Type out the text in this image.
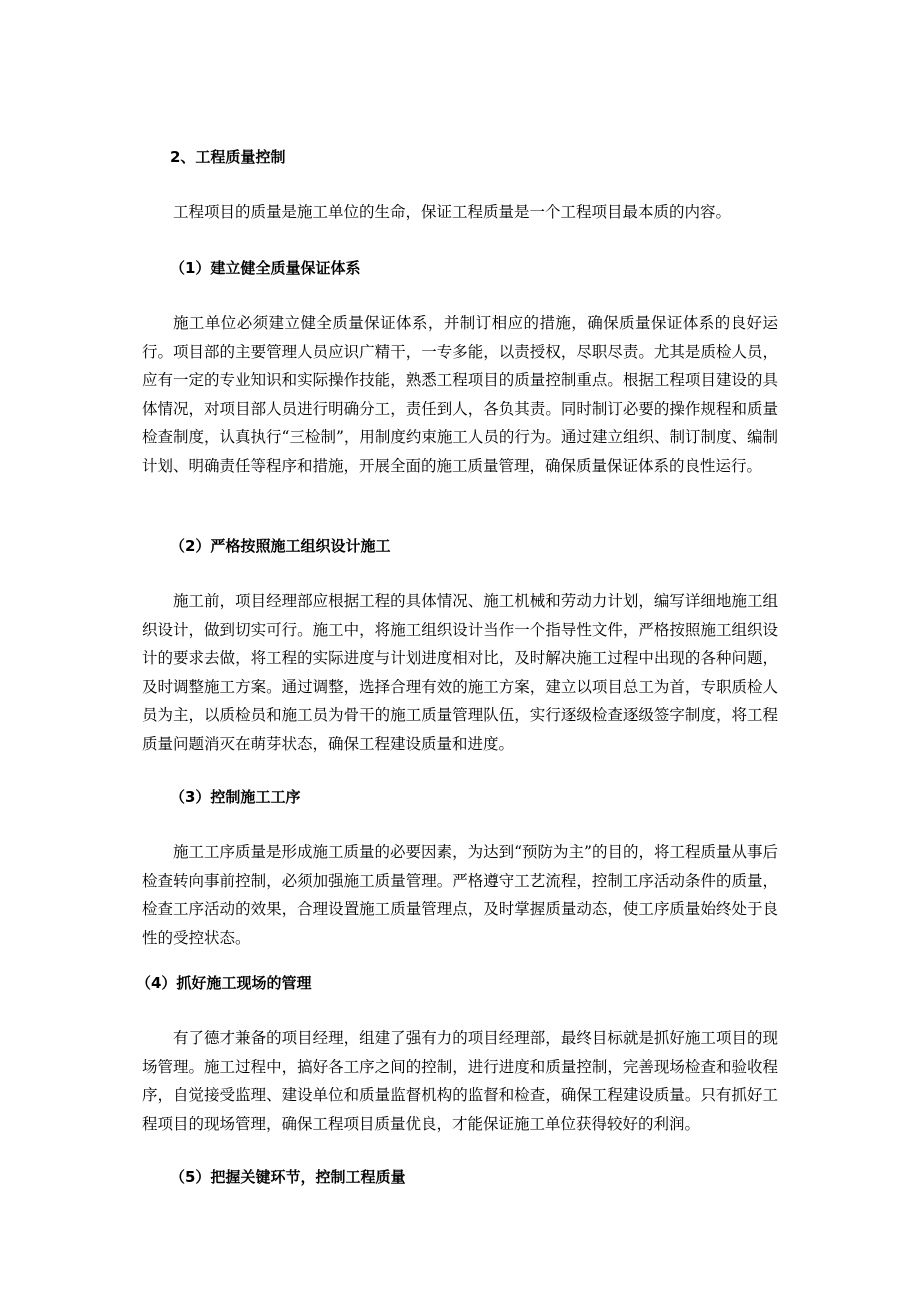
2、工程质量控制

工程项目的质量是施工单位的生命，保证工程质量是一个工程项目最本质的内容。

（1）建立健全质量保证体系

施工单位必须建立健全质量保证体系，并制订相应的措施，确保质量保证体系的良好运行。项目部的主要管理人员应识广精干，一专多能，以责授权，尽职尽责。尤其是质检人员，应有一定的专业知识和实际操作技能，熟悉工程项目的质量控制重点。根据工程项目建设的具体情况，对项目部人员进行明确分工，责任到人，各负其责。同时制订必要的操作规程和质量检查制度，认真执行“三检制”，用制度约束施工人员的行为。通过建立组织、制订制度、编制计划、明确责任等程序和措施，开展全面的施工质量管理，确保质量保证体系的良性运行。

（2）严格按照施工组织设计施工

施工前，项目经理部应根据工程的具体情况、施工机械和劳动力计划，编写详细地施工组织设计，做到切实可行。施工中，将施工组织设计当作一个指导性文件，严格按照施工组织设计的要求去做，将工程的实际进度与计划进度相对比，及时解决施工过程中出现的各种问题，及时调整施工方案。通过调整，选择合理有效的施工方案，建立以项目总工为首，专职质检人员为主，以质检员和施工员为骨干的施工质量管理队伍，实行逐级检查逐级签字制度，将工程质量问题消灭在萌芽状态，确保工程建设质量和进度。

（3）控制施工工序

施工工序质量是形成施工质量的必要因素，为达到“预防为主”的目的，将工程质量从事后检查转向事前控制，必须加强施工质量管理。严格遵守工艺流程，控制工序活动条件的质量，检查工序活动的效果，合理设置施工质量管理点，及时掌握质量动态，使工序质量始终处于良性的受控状态。

（4）抓好施工现场的管理

有了德才兼备的项目经理，组建了强有力的项目经理部，最终目标就是抓好施工项目的现场管理。施工过程中，搞好各工序之间的控制，进行进度和质量控制，完善现场检查和验收程序，自觉接受监理、建设单位和质量监督机构的监督和检查，确保工程建设质量。只有抓好工程项目的现场管理，确保工程项目质量优良，才能保证施工单位获得较好的利润。

（5）把握关键环节，控制工程质量
